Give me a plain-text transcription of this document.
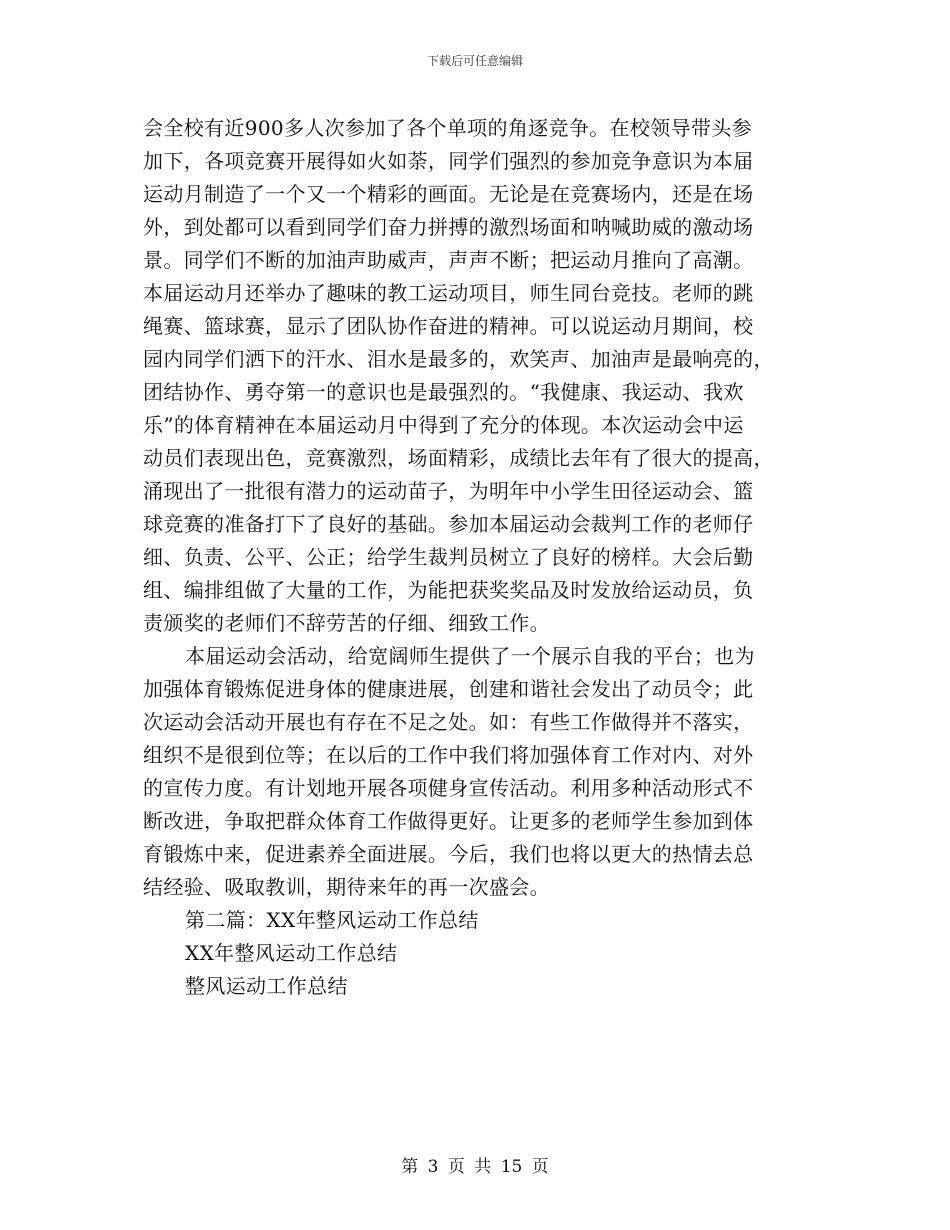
下载后可任意编辑
会全校有近900多人次参加了各个单项的角逐竞争。在校领导带头参
加下，各项竞赛开展得如火如荼，同学们强烈的参加竞争意识为本届
运动月制造了一个又一个精彩的画面。无论是在竞赛场内，还是在场
外，到处都可以看到同学们奋力拼搏的激烈场面和呐喊助威的激动场
景。同学们不断的加油声助威声，声声不断；把运动月推向了高潮。
本届运动月还举办了趣味的教工运动项目，师生同台竞技。老师的跳
绳赛、篮球赛，显示了团队协作奋进的精神。可以说运动月期间，校
园内同学们洒下的汗水、泪水是最多的，欢笑声、加油声是最响亮的，
团结协作、勇夺第一的意识也是最强烈的。“我健康、我运动、我欢
乐”的体育精神在本届运动月中得到了充分的体现。本次运动会中运
动员们表现出色，竞赛激烈，场面精彩，成绩比去年有了很大的提高，
涌现出了一批很有潜力的运动苗子，为明年中小学生田径运动会、篮
球竞赛的准备打下了良好的基础。参加本届运动会裁判工作的老师仔
细、负责、公平、公正；给学生裁判员树立了良好的榜样。大会后勤
组、编排组做了大量的工作，为能把获奖奖品及时发放给运动员，负
责颁奖的老师们不辞劳苦的仔细、细致工作。
本届运动会活动，给宽阔师生提供了一个展示自我的平台；也为
加强体育锻炼促进身体的健康进展，创建和谐社会发出了动员令；此
次运动会活动开展也有存在不足之处。如：有些工作做得并不落实，
组织不是很到位等；在以后的工作中我们将加强体育工作对内、对外
的宣传力度。有计划地开展各项健身宣传活动。利用多种活动形式不
断改进，争取把群众体育工作做得更好。让更多的老师学生参加到体
育锻炼中来，促进素养全面进展。今后，我们也将以更大的热情去总
结经验、吸取教训，期待来年的再一次盛会。
第二篇：XX年整风运动工作总结
XX年整风运动工作总结
整风运动工作总结
第 3 页 共 15 页
